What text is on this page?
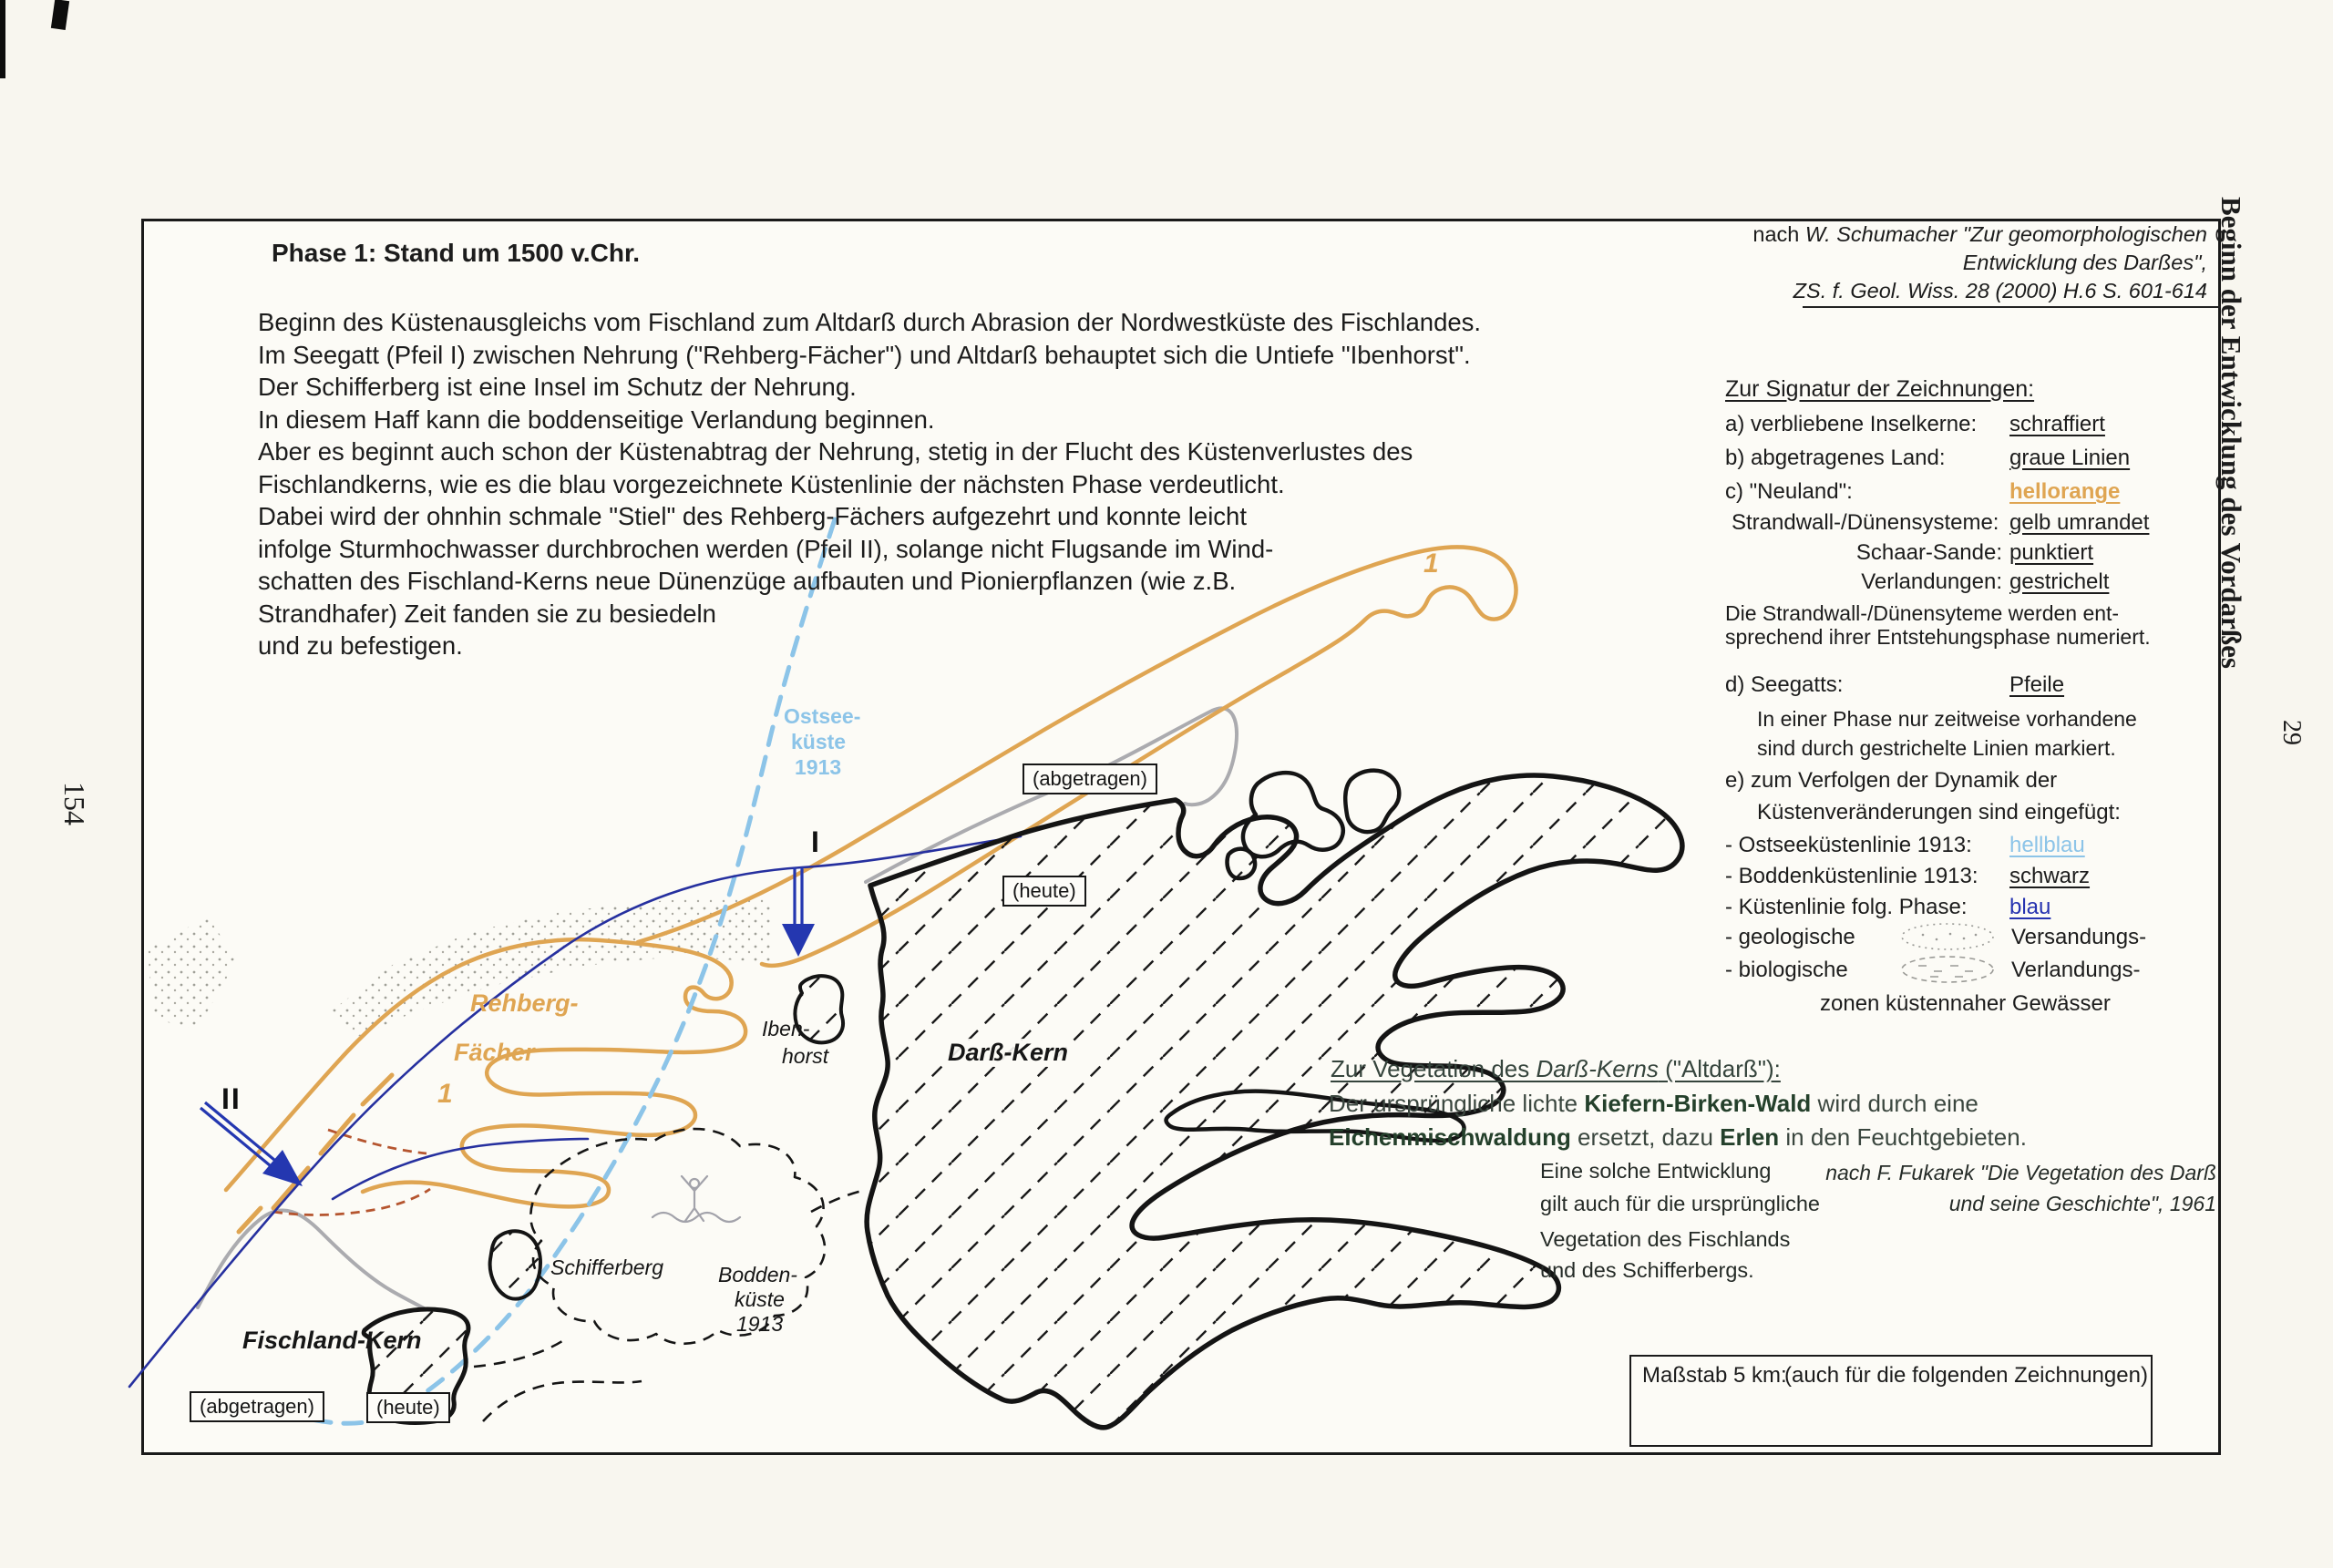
154
Beginn der Entwicklung des Vordarßes
29
nach W. Schumacher "Zur geomorphologischen
Entwicklung des Darßes",
ZS. f. Geol. Wiss. 28 (2000) H.6 S. 601-614
Phase 1: Stand um 1500 v.Chr.
Beginn des Küstenausgleichs vom Fischland zum Altdarß durch Abrasion der Nordwestküste des Fischlandes.
Im Seegatt (Pfeil I) zwischen Nehrung ("Rehberg-Fächer") und Altdarß behauptet sich die Untiefe "Ibenhorst".
Der Schifferberg ist eine Insel im Schutz der Nehrung.
In diesem Haff kann die boddenseitige Verlandung beginnen.
Aber es beginnt auch schon der Küstenabtrag der Nehrung, stetig in der Flucht des Küstenverlustes des
Fischlandkerns, wie es die blau vorgezeichnete Küstenlinie der nächsten Phase verdeutlicht.
Dabei wird der ohnhin schmale "Stiel" des Rehberg-Fächers aufgezehrt und konnte leicht
infolge Sturmhochwasser durchbrochen werden (Pfeil II), solange nicht Flugsande im Wind-
schatten des Fischland-Kerns neue Dünenzüge aufbauten und Pionierpflanzen (wie z.B.
Strandhafer) Zeit fanden sie zu besiedeln
und zu befestigen.
Ostsee-
küste
1913
I
II
Rehberg-
Fächer
1
1
Iben-
horst	Darß-Kern
Schifferberg	Bodden-
küste
1913
Fischland-Kern
(abgetragen)
(heute)
(abgetragen)	(heute)
Zur Signatur der Zeichnungen:
a) verbliebene Inselkerne: schraffiert
b) abgetragenes Land:	graue Linien
c) "Neuland":	hellorange
Strandwall-/Dünensysteme: gelb umrandet
Schaar-Sande: punktiert
Verlandungen: gestrichelt
Die Strandwall-/Dünensyteme werden ent-
sprechend ihrer Entstehungsphase numeriert.
d) Seegatts:	Pfeile
In einer Phase nur zeitweise vorhandene
sind durch gestrichelte Linien markiert.
e) zum Verfolgen der Dynamik der
Küstenveränderungen sind eingefügt:
- Ostseeküstenlinie 1913: hellblau
- Boddenküstenlinie 1913: schwarz
- Küstenlinie folg. Phase: blau
- geologische	Versandungs-
- biologische	Verlandungs-
zonen küstennaher Gewässer
Zur Vegetation des Darß-Kerns ("Altdarß"):
Der ursprüngliche lichte Kiefern-Birken-Wald wird durch eine
Eichenmischwaldung ersetzt, dazu Erlen in den Feuchtgebieten.
Eine solche Entwicklung
gilt auch für die ursprüngliche
Vegetation des Fischlands
und des Schifferbergs.
nach F. Fukarek "Die Vegetation des Darß
und seine Geschichte", 1961
Maßstab 5 km:
(auch für die folgenden Zeichnungen)
